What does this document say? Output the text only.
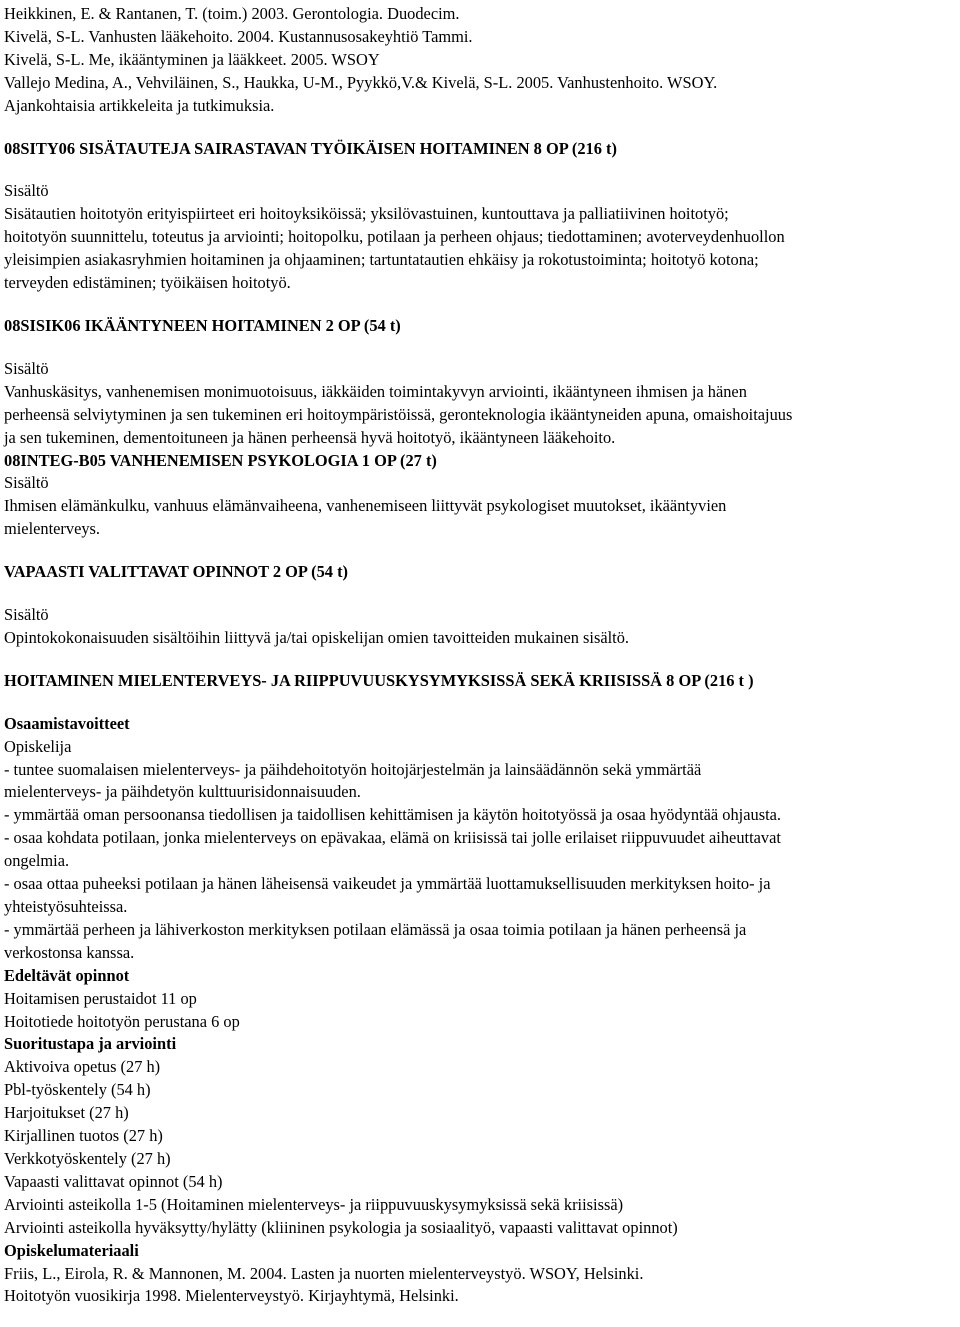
Heikkinen, E. & Rantanen, T. (toim.) 2003. Gerontologia. Duodecim.

Kivelä, S-L. Vanhusten lääkehoito. 2004. Kustannusosakeyhtiö Tammi.

Kivelä, S-L. Me, ikääntyminen ja lääkkeet. 2005. WSOY

Vallejo Medina, A., Vehviläinen, S., Haukka, U-M., Pyykkö,V.& Kivelä, S-L. 2005. Vanhustenhoito. WSOY.

Ajankohtaisia artikkeleita ja tutkimuksia.

08SITY06 SISÄTAUTEJA SAIRASTAVAN TYÖIKÄISEN HOITAMINEN 8 OP (216 t)

Sisältö

Sisätautien hoitotyön erityispiirteet eri hoitoyksiköissä; yksilövastuinen, kuntouttava ja palliatiivinen hoitotyö;

hoitotyön suunnittelu, toteutus ja arviointi; hoitopolku, potilaan ja perheen ohjaus; tiedottaminen; avoterveydenhuollon

yleisimpien asiakasryhmien hoitaminen ja ohjaaminen; tartuntatautien ehkäisy ja rokotustoiminta; hoitotyö kotona;

terveyden edistäminen; työikäisen hoitotyö.

08SISIK06 IKÄÄNTYNEEN HOITAMINEN 2 OP (54 t)

Sisältö

Vanhuskäsitys, vanhenemisen monimuotoisuus, iäkkäiden toimintakyvyn arviointi, ikääntyneen ihmisen ja hänen

perheensä selviytyminen ja sen tukeminen eri hoitoympäristöissä, geronteknologia ikääntyneiden apuna, omaishoitajuus

ja sen tukeminen, dementoituneen ja hänen perheensä hyvä hoitotyö, ikääntyneen lääkehoito.

08INTEG-B05 VANHENEMISEN PSYKOLOGIA 1 OP (27 t)

Sisältö

Ihmisen elämänkulku, vanhuus elämänvaiheena, vanhenemiseen liittyvät psykologiset muutokset, ikääntyvien

mielenterveys.

VAPAASTI VALITTAVAT OPINNOT 2 OP (54 t)

Sisältö

Opintokokonaisuuden sisältöihin liittyvä ja/tai opiskelijan omien tavoitteiden mukainen sisältö.

HOITAMINEN MIELENTERVEYS- JA RIIPPUVUUSKYSYMYKSISSÄ SEKÄ KRIISISSÄ 8 OP (216 t )

Osaamistavoitteet

Opiskelija

- tuntee suomalaisen mielenterveys- ja päihdehoitotyön hoitojärjestelmän ja lainsäädännön sekä ymmärtää

mielenterveys- ja päihdetyön kulttuurisidonnaisuuden.

- ymmärtää oman persoonansa tiedollisen ja taidollisen kehittämisen ja käytön hoitotyössä ja osaa hyödyntää ohjausta.

- osaa kohdata potilaan, jonka mielenterveys on epävakaa, elämä on kriisissä tai jolle erilaiset riippuvuudet aiheuttavat

ongelmia.

- osaa ottaa puheeksi potilaan ja hänen läheisensä vaikeudet ja ymmärtää luottamuksellisuuden merkityksen hoito- ja

yhteistyösuhteissa.

- ymmärtää perheen ja lähiverkoston merkityksen potilaan elämässä ja osaa toimia potilaan ja hänen perheensä ja

verkostonsa kanssa.

Edeltävät opinnot

Hoitamisen perustaidot 11 op

Hoitotiede hoitotyön perustana 6 op

Suoritustapa ja arviointi

Aktivoiva opetus (27 h)

Pbl-työskentely (54 h)

Harjoitukset (27 h)

Kirjallinen tuotos (27 h)

Verkkotyöskentely (27 h)

Vapaasti valittavat opinnot (54 h)

Arviointi asteikolla 1-5 (Hoitaminen mielenterveys- ja riippuvuuskysymyksissä sekä kriisissä)

Arviointi asteikolla hyväksytty/hylätty (kliininen psykologia ja sosiaalityö, vapaasti valittavat opinnot)

Opiskelumateriaali

Friis, L., Eirola, R. & Mannonen, M. 2004. Lasten ja nuorten mielenterveystyö. WSOY, Helsinki.

Hoitotyön vuosikirja 1998. Mielenterveystyö. Kirjayhtymä, Helsinki.
